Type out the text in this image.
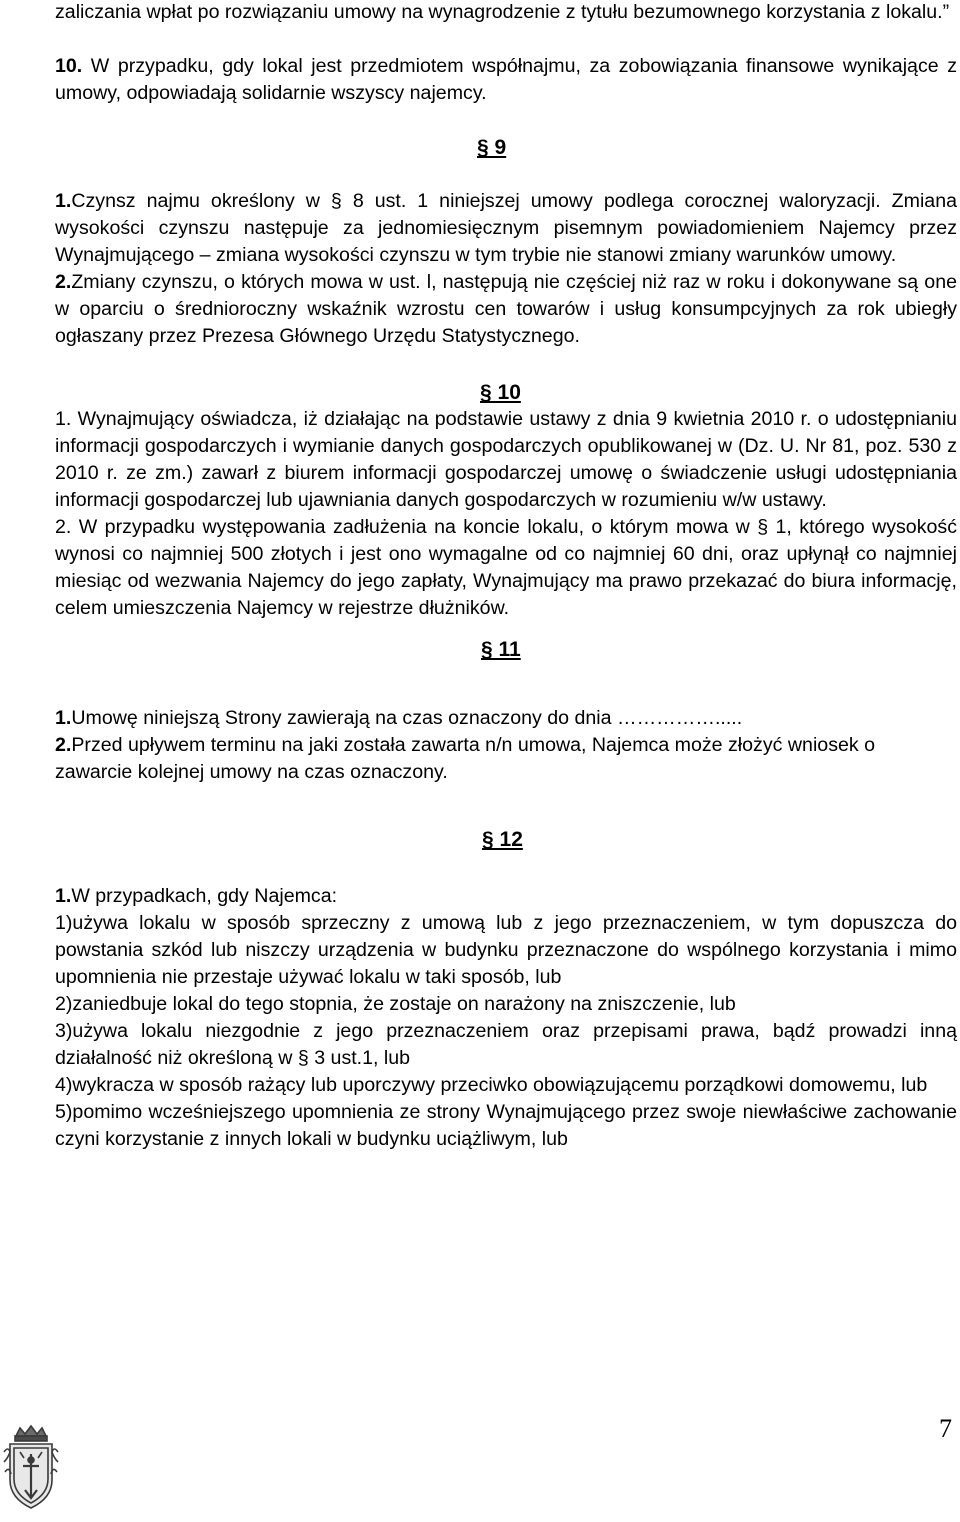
zaliczania wpłat po rozwiązaniu umowy na wynagrodzenie z tytułu bezumownego korzystania z lokalu.”

10. W przypadku, gdy lokal jest przedmiotem współnajmu, za zobowiązania finansowe wynikające z umowy, odpowiadają solidarnie wszyscy najemcy.

§ 9

1.Czynsz najmu określony w § 8 ust. 1 niniejszej umowy podlega corocznej waloryzacji. Zmiana wysokości czynszu następuje za jednomiesięcznym pisemnym powiadomieniem Najemcy przez Wynajmującego – zmiana wysokości czynszu w tym trybie nie stanowi zmiany warunków umowy.

2.Zmiany czynszu, o których mowa w ust. l, następują nie częściej niż raz w roku i dokonywane są one w oparciu o średnioroczny wskaźnik wzrostu cen towarów i usług konsumpcyjnych za rok ubiegły ogłaszany przez Prezesa Głównego Urzędu Statystycznego.

§ 10

1. Wynajmujący oświadcza, iż działając na podstawie ustawy z dnia 9 kwietnia 2010 r. o udostępnianiu informacji gospodarczych i wymianie danych gospodarczych opublikowanej w (Dz. U. Nr 81, poz. 530 z 2010 r. ze zm.) zawarł z biurem informacji gospodarczej umowę o świadczenie usługi udostępniania informacji gospodarczej lub ujawniania danych gospodarczych w rozumieniu w/w ustawy.

2. W przypadku występowania zadłużenia na koncie lokalu, o którym mowa w § 1, którego wysokość wynosi co najmniej 500 złotych i jest ono wymagalne od co najmniej 60 dni, oraz upłynął co najmniej miesiąc od wezwania Najemcy do jego zapłaty, Wynajmujący ma prawo przekazać do biura informację, celem umieszczenia Najemcy w rejestrze dłużników.

§ 11

1.Umowę niniejszą Strony zawierają na czas oznaczony do dnia …………….....

2.Przed upływem terminu na jaki została zawarta n/n umowa, Najemca może złożyć wniosek o zawarcie kolejnej umowy na czas oznaczony.

§ 12

1.W przypadkach, gdy Najemca:

1)używa lokalu w sposób sprzeczny z umową lub z jego przeznaczeniem, w tym dopuszcza do powstania szkód lub niszczy urządzenia w budynku przeznaczone do wspólnego korzystania i mimo upomnienia nie przestaje używać lokalu w taki sposób, lub

2)zaniedbuje lokal do tego stopnia, że zostaje on narażony na zniszczenie, lub

3)używa lokalu niezgodnie z jego przeznaczeniem oraz przepisami prawa, bądź prowadzi inną działalność niż określoną w § 3 ust.1, lub

4)wykracza w sposób rażący lub uporczywy przeciwko obowiązującemu porządkowi domowemu, lub

5)pomimo wcześniejszego upomnienia ze strony Wynajmującego przez swoje niewłaściwe zachowanie czyni korzystanie z innych lokali w budynku uciążliwym, lub

7
